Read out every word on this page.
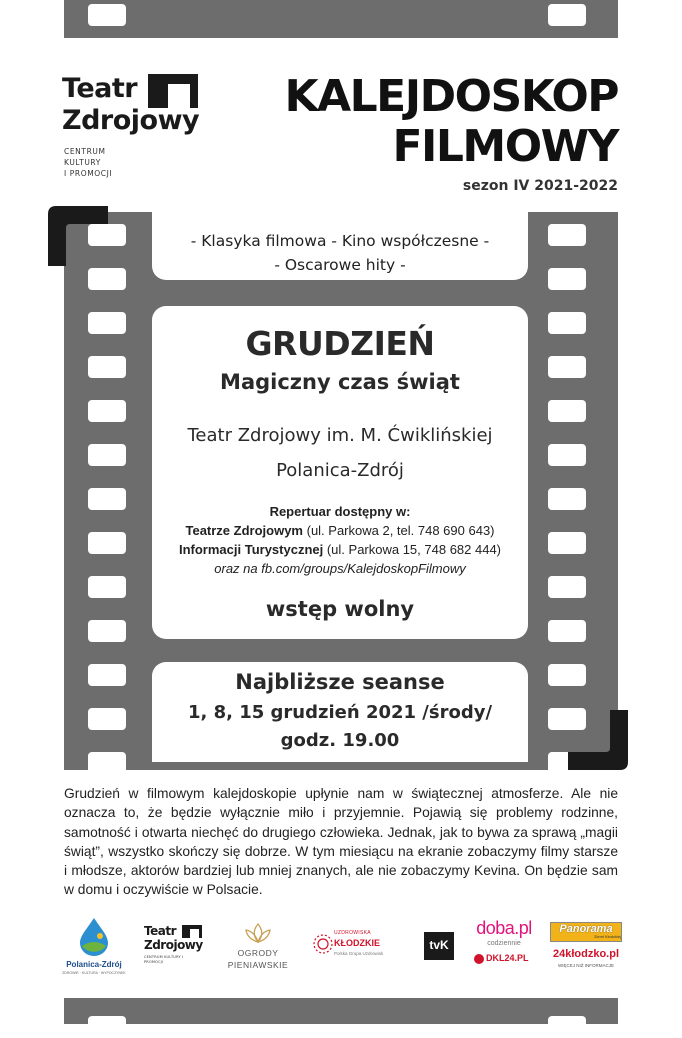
Teatr
Zdrojowy
CENTRUM
KULTURY
I PROMOCJI
KALEJDOSKOP
FILMOWY
sezon IV 2021-2022
- Klasyka filmowa - Kino współczesne -
- Oscarowe hity -
GRUDZIEŃ
Magiczny czas świąt
Teatr Zdrojowy im. M. Ćwiklińskiej
Polanica-Zdrój
Repertuar dostępny w:
Teatrze Zdrojowym (ul. Parkowa 2, tel. 748 690 643)
Informacji Turystycznej (ul. Parkowa 15, 748 682 444)
oraz na fb.com/groups/KalejdoskopFilmowy
wstęp wolny
Najbliższe seanse
1, 8, 15 grudzień 2021 /środy/
godz. 19.00
Grudzień w filmowym kalejdoskopie upłynie nam w świątecznej atmosferze. Ale nie oznacza to, że będzie wyłącznie miło i przyjemnie. Pojawią się problemy rodzinne, samotność i otwarta niechęć do drugiego człowieka. Jednak, jak to bywa za sprawą „magii świąt”, wszystko skończy się dobrze. W tym miesiącu na ekranie zobaczymy filmy starsze i młodsze, aktorów bardziej lub mniej znanych, ale nie zobaczymy Kevina. On będzie sam w domu i oczywiście w Polsacie.
Polanica-Zdrój
ZDROWIE · KULTURA · WYPOCZYNEK
Teatr
Zdrojowy
CENTRUM KULTURY I PROMOCJI
OGRODY
PIENIAWSKIE
UZDROWISKA
KŁODZKIE
Polska Grupa Uzdrowisk
tvK
doba.pl
codziennie
DKL24.PL
Panorama
Ziemi Kłodzkiej
24kłodzko.pl
WIĘCEJ NIŻ INFORMACJE
